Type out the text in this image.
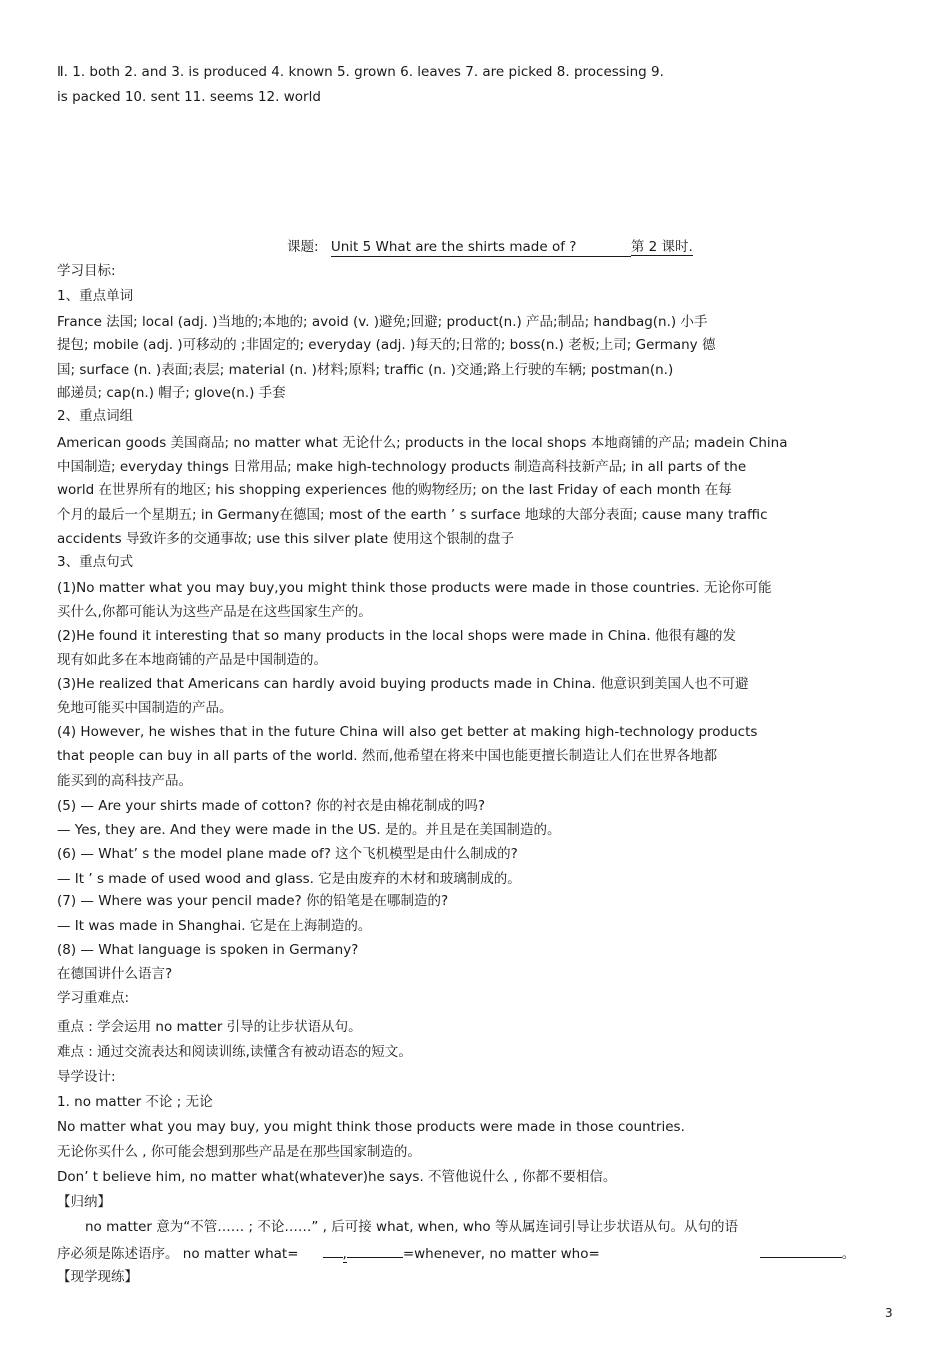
Ⅱ. 1. both 2. and 3. is produced 4. known 5. grown 6. leaves 7. are picked 8. processing 9.
is packed 10. sent 11. seems 12. world
课题: Unit 5 What are the shirts made of ?	第 2 课时.
学习目标:
1、重点单词
France 法国; local (adj. )当地的;本地的; avoid (v. )避免;回避; product(n.) 产品;制品; handbag(n.) 小手
提包; mobile (adj. )可移动的 ;非固定的; everyday (adj. )每天的;日常的; boss(n.) 老板;上司; Germany 德
国; surface (n. )表面;表层; material (n. )材料;原料; traffic (n. )交通;路上行驶的车辆; postman(n.)
邮递员; cap(n.) 帽子; glove(n.) 手套
2、重点词组
American goods 美国商品; no matter what 无论什么; products in the local shops 本地商铺的产品; madein China
中国制造; everyday things 日常用品; make high-technology products 制造高科技新产品; in all parts of the
world 在世界所有的地区; his shopping experiences 他的购物经历; on the last Friday of each month 在每
个月的最后一个星期五; in Germany在德国; most of the earth ’ s surface 地球的大部分表面; cause many traffic
accidents 导致许多的交通事故; use this silver plate 使用这个银制的盘子
3、重点句式
(1)No matter what you may buy,you might think those products were made in those countries. 无论你可能
买什么,你都可能认为这些产品是在这些国家生产的。
(2)He found it interesting that so many products in the local shops were made in China. 他很有趣的发
现有如此多在本地商铺的产品是中国制造的。
(3)He realized that Americans can hardly avoid buying products made in China. 他意识到美国人也不可避
免地可能买中国制造的产品。
(4) However, he wishes that in the future China will also get better at making high-technology products
that people can buy in all parts of the world. 然而,他希望在将来中国也能更擅长制造让人们在世界各地都
能买到的高科技产品。
(5) — Are your shirts made of cotton? 你的衬衣是由棉花制成的吗?
— Yes, they are. And they were made in the US. 是的。并且是在美国制造的。
(6) — What’ s the model plane made of? 这个飞机模型是由什么制成的?
— It ’ s made of used wood and glass. 它是由废弃的木材和玻璃制成的。
(7) — Where was your pencil made? 你的铅笔是在哪制造的?
— It was made in Shanghai. 它是在上海制造的。
(8) — What language is spoken in Germany?
在德国讲什么语言?
学习重难点:
重点 : 学会运用 no matter 引导的让步状语从句。
难点 : 通过交流表达和阅读训练,读懂含有被动语态的短文。
导学设计:
1. no matter 不论 ; 无论
No matter what you may buy, you might think those products were made in those countries.
无论你买什么 , 你可能会想到那些产品是在那些国家制造的。
Don’ t believe him, no matter what(whatever)he says. 不管他说什么 , 你都不要相信。
【归纳】
no matter 意为“不管…… ; 不论……” , 后可接 what, when, who 等从属连词引导让步状语从句。从句的语
序必须是陈述语序。 no matter what=	,	=whenever, no matter who=	。
【现学现练】
3
